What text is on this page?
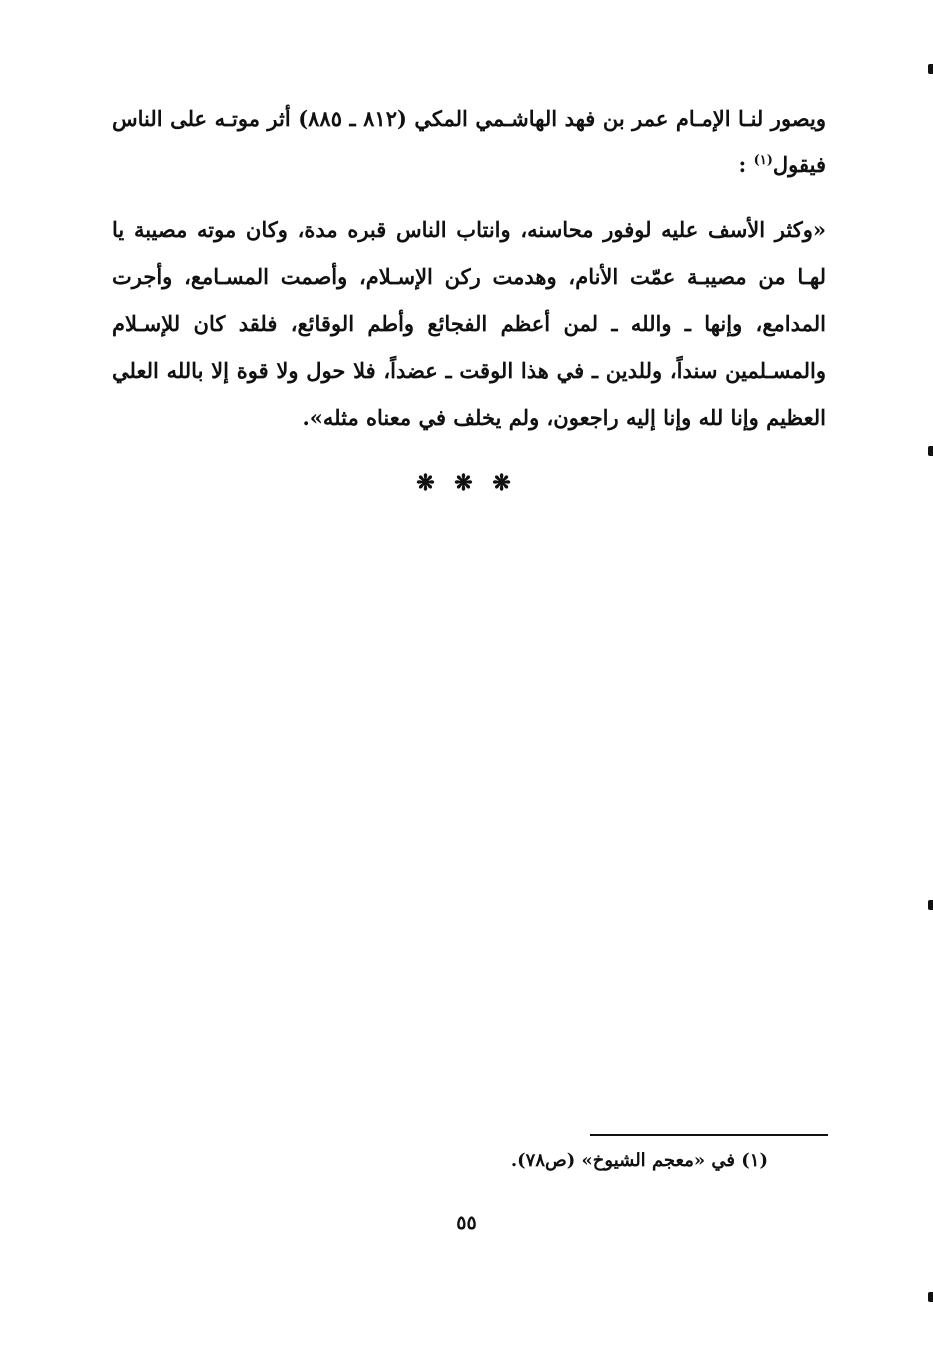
ويصور لنـا الإمـام عمر بن فهد الهاشـمي المكي (٨١٢ ـ ٨٨٥) أثر موتـه على الناس فيقول$^{(١)}$ :

«وكثر الأسف عليه لوفور محاسنه، وانتاب الناس قبره مدة، وكان موته مصيبة يا لهـا من مصيبـة عمّت الأنام، وهدمت ركن الإسـلام، وأصمت المسـامع، وأجرت المدامع، وإنها ـ والله ـ لمن أعظم الفجائع وأطم الوقائع، فلقد كان للإسـلام والمسـلمين سنداً، وللدين ـ في هذا الوقت ـ عضداً، فلا حول ولا قوة إلا بالله العلي العظيم وإنا لله وإنا إليه راجعون، ولم يخلف في معناه مثله».

❋ ❋ ❋
(١) في «معجم الشيوخ» (ص٧٨).
٥٥
